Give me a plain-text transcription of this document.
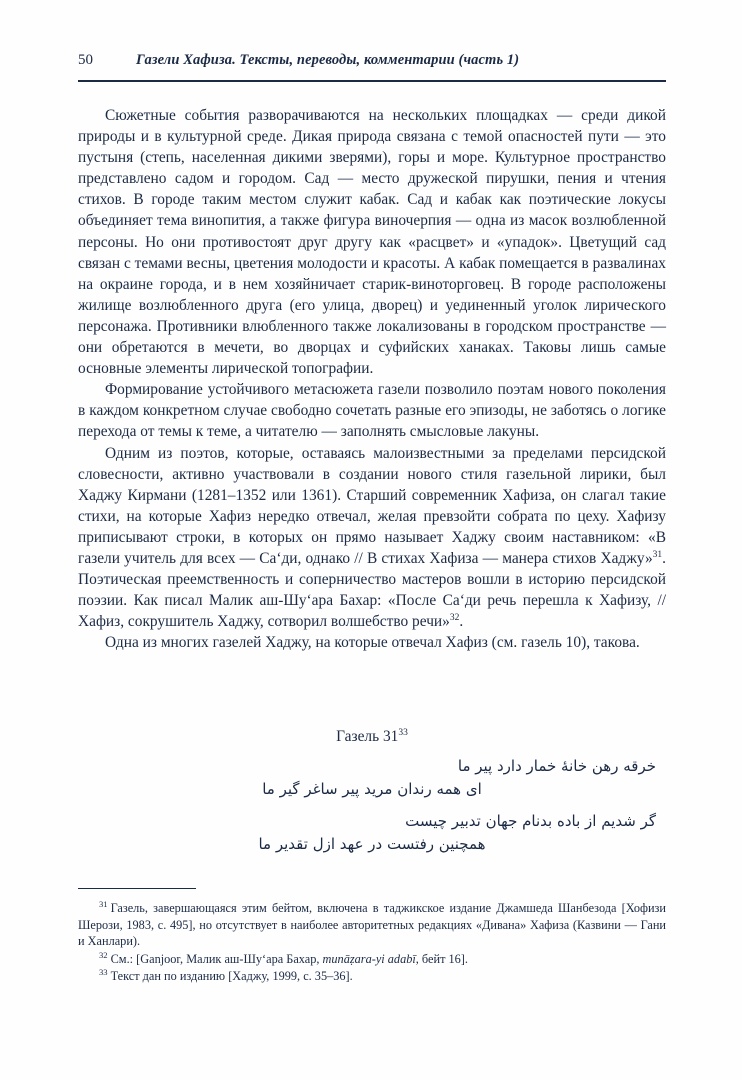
50	Газели Хафиза. Тексты, переводы, комментарии (часть 1)

Сюжетные события разворачиваются на нескольких площадках — среди дикой природы и в культурной среде. Дикая природа связана с темой опасностей пути — это пустыня (степь, населенная дикими зверями), горы и море. Культурное пространство представлено садом и городом. Сад — место дружеской пирушки, пения и чтения стихов. В городе таким местом служит кабак. Сад и кабак как поэтические локусы объединяет тема винопития, а также фигура виночерпия — одна из масок возлюбленной персоны. Но они противостоят друг другу как «расцвет» и «упадок». Цветущий сад связан с темами весны, цветения молодости и красоты. А кабак помещается в развалинах на окраине города, и в нем хозяйничает старик-виноторговец. В городе расположены жилище возлюбленного друга (его улица, дворец) и уединенный уголок лирического персонажа. Противники влюбленного также локализованы в городском пространстве — они обретаются в мечети, во дворцах и суфийских ханаках. Таковы лишь самые основные элементы лирической топографии.

Формирование устойчивого метасюжета газели позволило поэтам нового поколения в каждом конкретном случае свободно сочетать разные его эпизоды, не заботясь о логике перехода от темы к теме, а читателю — заполнять смысловые лакуны.

Одним из поэтов, которые, оставаясь малоизвестными за пределами персидской словесности, активно участвовали в создании нового стиля газельной лирики, был Хаджу Кирмани (1281–1352 или 1361). Старший современник Хафиза, он слагал такие стихи, на которые Хафиз нередко отвечал, желая превзойти собрата по цеху. Хафизу приписывают строки, в которых он прямо называет Хаджу своим наставником: «В газели учитель для всех — Са‘ди, однако // В стихах Хафиза — манера стихов Хаджу»$^{31}$. Поэтическая преемственность и соперничество мастеров вошли в историю персидской поэзии. Как писал Малик аш-Шу‘ара Бахар: «После Са‘ди речь перешла к Хафизу, // Хафиз, сокрушитель Хаджу, сотворил волшебство речи»$^{32}$.

Одна из многих газелей Хаджу, на которые отвечал Хафиз (см. газель 10), такова.

Газель 31$^{33}$
خرقه رهن خانۀ خمار دارد پیر ما
ای همه رندان مرید پیر ساغر گیر ما
گر شدیم از باده بدنام جهان تدبیر چیست
همچنین رفتست در عهد ازل تقدیر ما

$^{31}$ Газель, завершающаяся этим бейтом, включена в таджикское издание Джамшеда Шанбезода [Хофизи Шерози, 1983, с. 495], но отсутствует в наиболее авторитетных редакциях «Дивана» Хафиза (Казвини — Гани и Ханлари).

$^{32}$ См.: [Ganjoor, Малик аш-Шу‘ара Бахар, munāẓara-yi adabī, бейт 16].

$^{33}$ Текст дан по изданию [Хаджу, 1999, с. 35–36].
